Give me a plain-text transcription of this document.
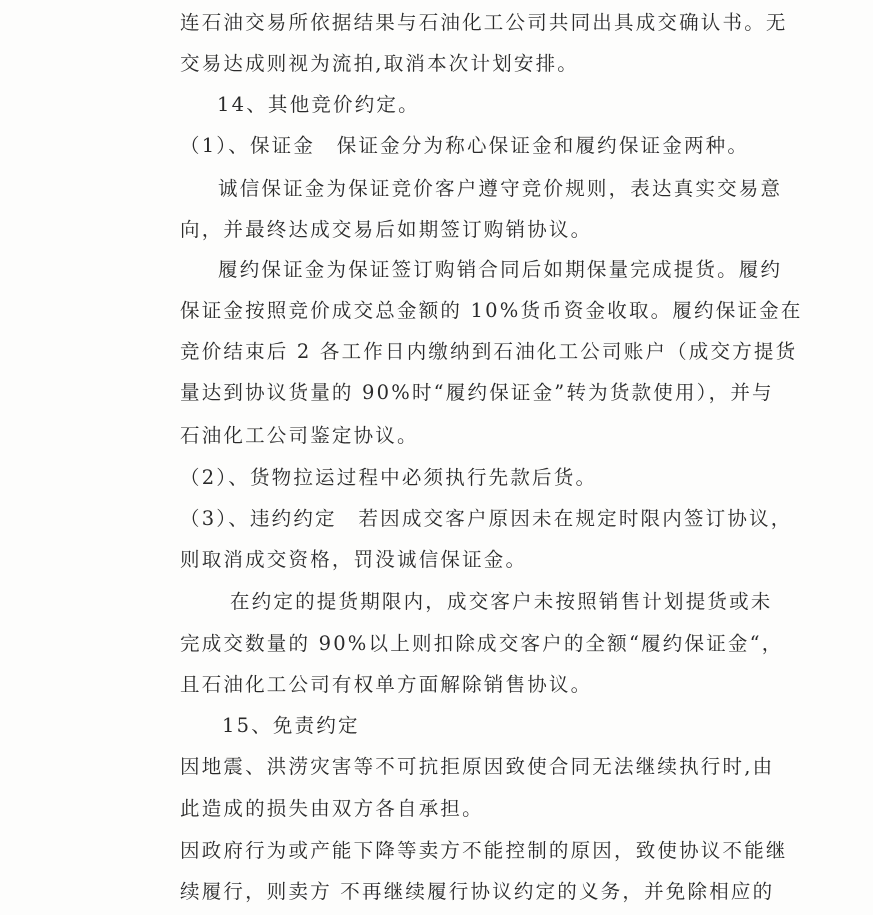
连石油交易所依据结果与石油化工公司共同出具成交确认书。无
交易达成则视为流拍,取消本次计划安排。
14、其他竞价约定。
（1）、保证金　保证金分为称心保证金和履约保证金两种。
诚信保证金为保证竞价客户遵守竞价规则，表达真实交易意
向，并最终达成交易后如期签订购销协议。
履约保证金为保证签订购销合同后如期保量完成提货。履约
保证金按照竞价成交总金额的 10%货币资金收取。履约保证金在
竞价结束后 2 各工作日内缴纳到石油化工公司账户（成交方提货
量达到协议货量的 90%时“履约保证金”转为货款使用），并与
石油化工公司鉴定协议。
（2）、货物拉运过程中必须执行先款后货。
（3）、违约约定　若因成交客户原因未在规定时限内签订协议，
则取消成交资格，罚没诚信保证金。
在约定的提货期限内，成交客户未按照销售计划提货或未
完成交数量的 90%以上则扣除成交客户的全额“履约保证金“，
且石油化工公司有权单方面解除销售协议。
15、免责约定
因地震、洪涝灾害等不可抗拒原因致使合同无法继续执行时,由
此造成的损失由双方各自承担。
因政府行为或产能下降等卖方不能控制的原因，致使协议不能继
续履行，则卖方 不再继续履行协议约定的义务，并免除相应的
